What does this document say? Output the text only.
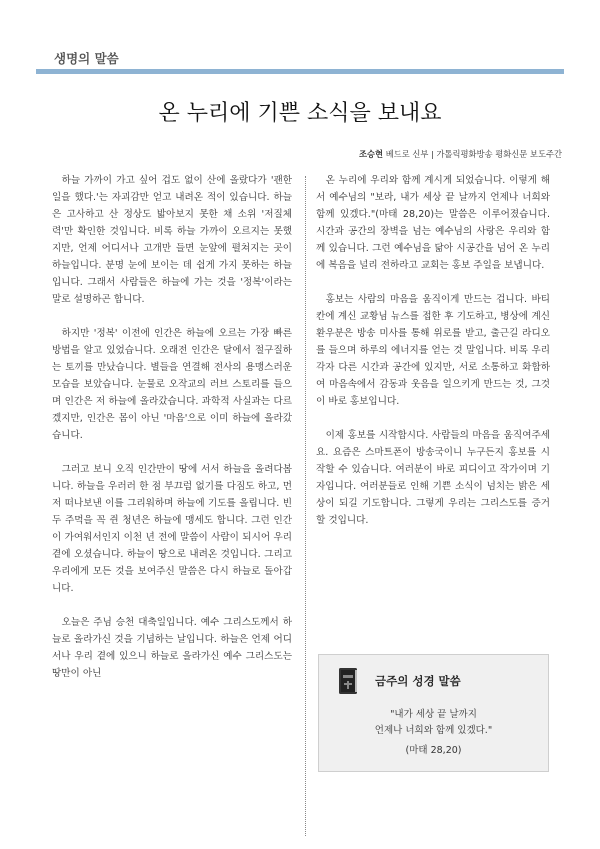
생명의 말씀
온 누리에 기쁜 소식을 보내요
조승현 베드로 신부 | 가톨릭평화방송 평화신문 보도주간

하늘 가까이 가고 싶어 겁도 없이 산에 올랐다가 '괜한 일을 했다.'는 자괴감만 얻고 내려온 적이 있습니다. 하늘은 고사하고 산 정상도 밟아보지 못한 채 소위 '저질체력'만 확인한 것입니다. 비록 하늘 가까이 오르지는 못했지만, 언제 어디서나 고개만 들면 눈앞에 펼쳐지는 곳이 하늘입니다. 분명 눈에 보이는 데 쉽게 가지 못하는 하늘입니다. 그래서 사람들은 하늘에 가는 것을 '정복'이라는 말로 설명하곤 합니다.

하지만 '정복' 이전에 인간은 하늘에 오르는 가장 빠른 방법을 알고 있었습니다. 오래전 인간은 달에서 절구질하는 토끼를 만났습니다. 별들을 연결해 전사의 용맹스러운 모습을 보았습니다. 눈물로 오작교의 러브 스토리를 들으며 인간은 저 하늘에 올라갔습니다. 과학적 사실과는 다르겠지만, 인간은 몸이 아닌 '마음'으로 이미 하늘에 올라갔습니다.

그러고 보니 오직 인간만이 땅에 서서 하늘을 올려다봅니다. 하늘을 우러러 한 점 부끄럼 없기를 다짐도 하고, 먼저 떠나보낸 이를 그리워하며 하늘에 기도를 올립니다. 빈 두 주먹을 꼭 쥔 청년은 하늘에 맹세도 합니다. 그런 인간이 가여워서인지 이천 년 전에 말씀이 사람이 되시어 우리 곁에 오셨습니다. 하늘이 땅으로 내려온 것입니다. 그리고 우리에게 모든 것을 보여주신 말씀은 다시 하늘로 돌아갑니다.

오늘은 주님 승천 대축일입니다. 예수 그리스도께서 하늘로 올라가신 것을 기념하는 날입니다. 하늘은 언제 어디서나 우리 곁에 있으니 하늘로 올라가신 예수 그리스도는 땅만이 아닌

온 누리에 우리와 함께 계시게 되었습니다. 이렇게 해서 예수님의 "보라, 내가 세상 끝 날까지 언제나 너희와 함께 있겠다."(마태 28,20)는 말씀은 이루어졌습니다. 시간과 공간의 장벽을 넘는 예수님의 사랑은 우리와 함께 있습니다. 그런 예수님을 닮아 시공간을 넘어 온 누리에 복음을 널리 전하라고 교회는 홍보 주일을 보냅니다.

홍보는 사람의 마음을 움직이게 만드는 겁니다. 바티칸에 계신 교황님 뉴스를 접한 후 기도하고, 병상에 계신 환우분은 방송 미사를 통해 위로를 받고, 출근길 라디오를 들으며 하루의 에너지를 얻는 것 말입니다. 비록 우리 각자 다른 시간과 공간에 있지만, 서로 소통하고 화합하여 마음속에서 감동과 웃음을 일으키게 만드는 것, 그것이 바로 홍보입니다.

이제 홍보를 시작합시다. 사람들의 마음을 움직여주세요. 요즘은 스마트폰이 방송국이니 누구든지 홍보를 시작할 수 있습니다. 여러분이 바로 피디이고 작가이며 기자입니다. 여러분들로 인해 기쁜 소식이 넘치는 밝은 세상이 되길 기도합니다. 그렇게 우리는 그리스도를 증거할 것입니다.

금주의 성경 말씀
"내가 세상 끝 날까지
언제나 너희와 함께 있겠다."
(마태 28,20)
